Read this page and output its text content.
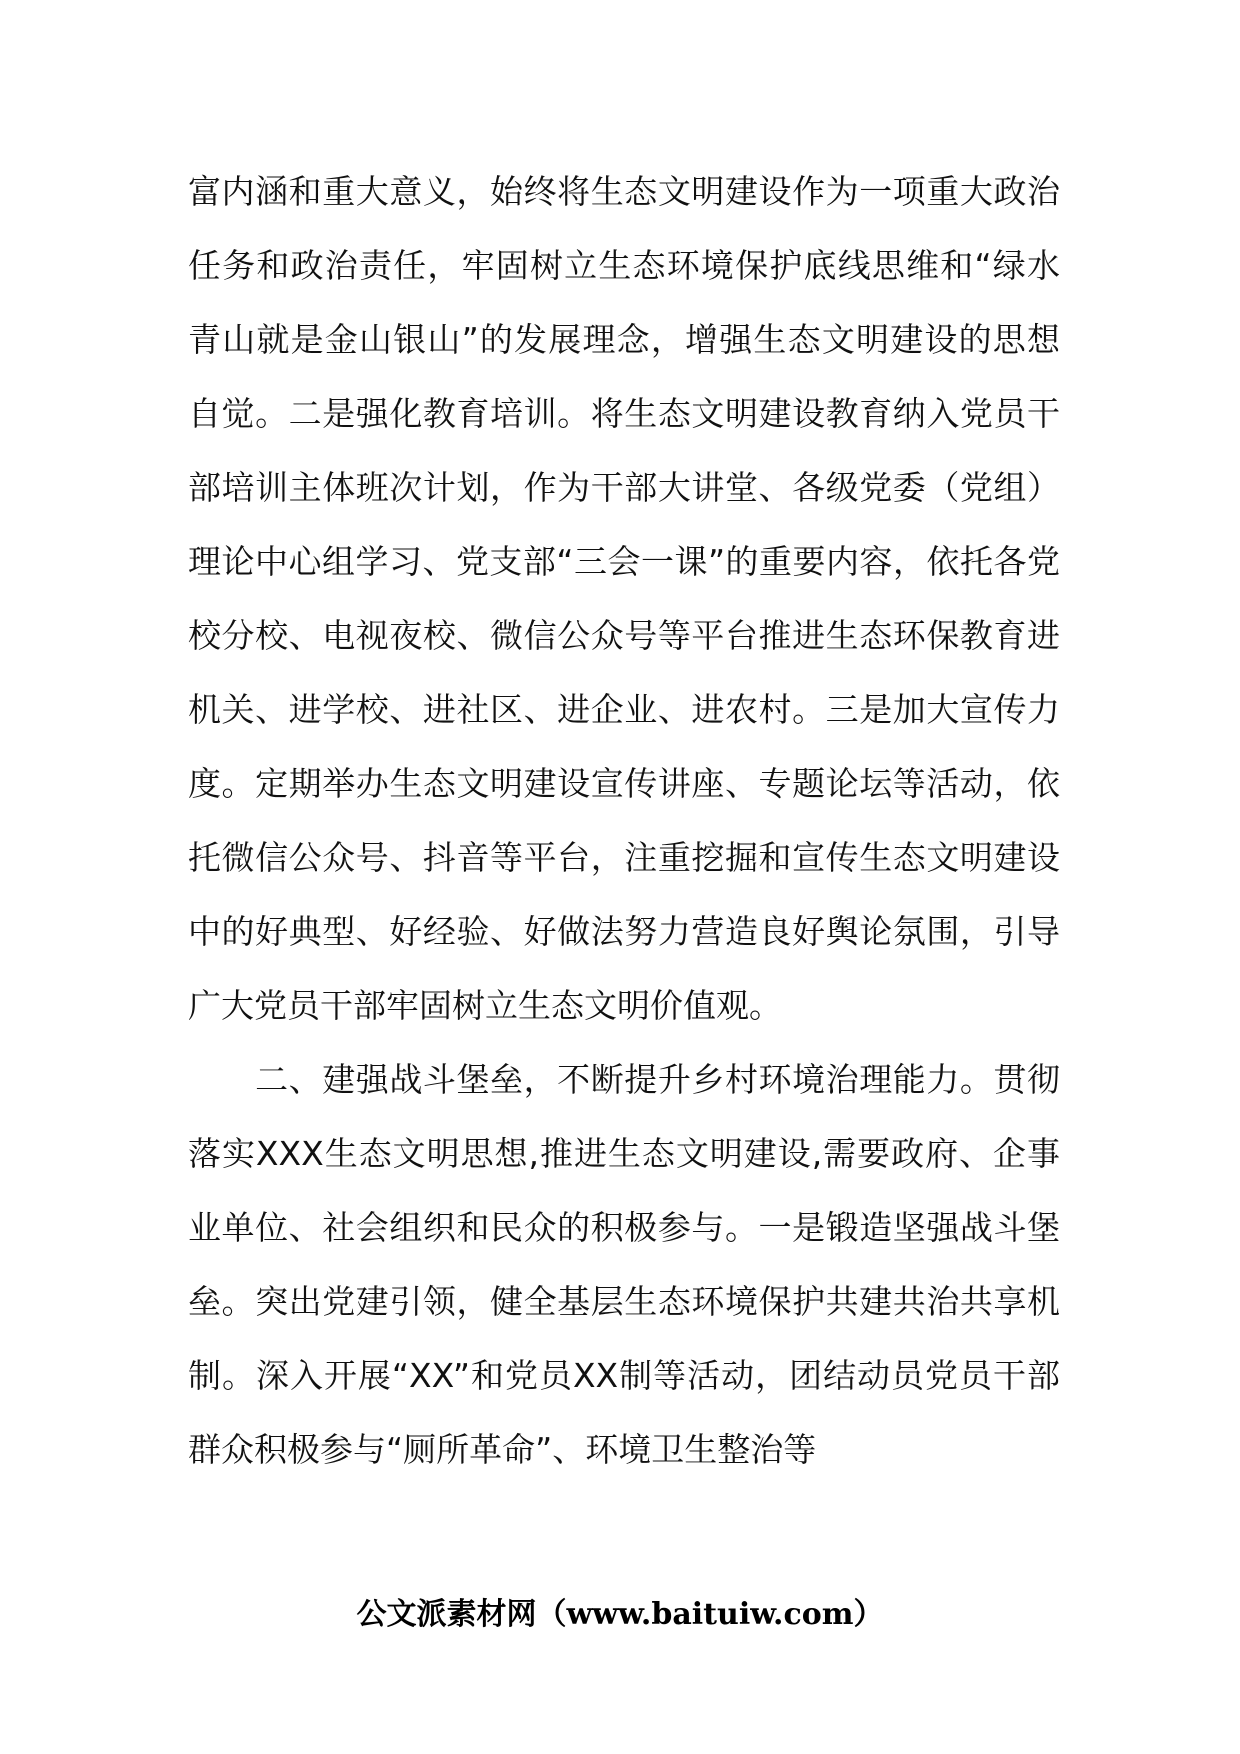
富内涵和重大意义，始终将生态文明建设作为一项重大政治任务和政治责任，牢固树立生态环境保护底线思维和“绿水青山就是金山银山”的发展理念，增强生态文明建设的思想自觉。二是强化教育培训。将生态文明建设教育纳入党员干部培训主体班次计划，作为干部大讲堂、各级党委（党组）理论中心组学习、党支部“三会一课”的重要内容，依托各党校分校、电视夜校、微信公众号等平台推进生态环保教育进机关、进学校、进社区、进企业、进农村。三是加大宣传力度。定期举办生态文明建设宣传讲座、专题论坛等活动，依托微信公众号、抖音等平台，注重挖掘和宣传生态文明建设中的好典型、好经验、好做法努力营造良好舆论氛围，引导广大党员干部牢固树立生态文明价值观。

　　二、建强战斗堡垒，不断提升乡村环境治理能力。贯彻落实XXX生态文明思想,推进生态文明建设,需要政府、企事业单位、社会组织和民众的积极参与。一是锻造坚强战斗堡垒。突出党建引领，健全基层生态环境保护共建共治共享机制。深入开展“XX”和党员XX制等活动，团结动员党员干部群众积极参与“厕所革命”、环境卫生整治等

公文派素材网（www.baituiw.com）
